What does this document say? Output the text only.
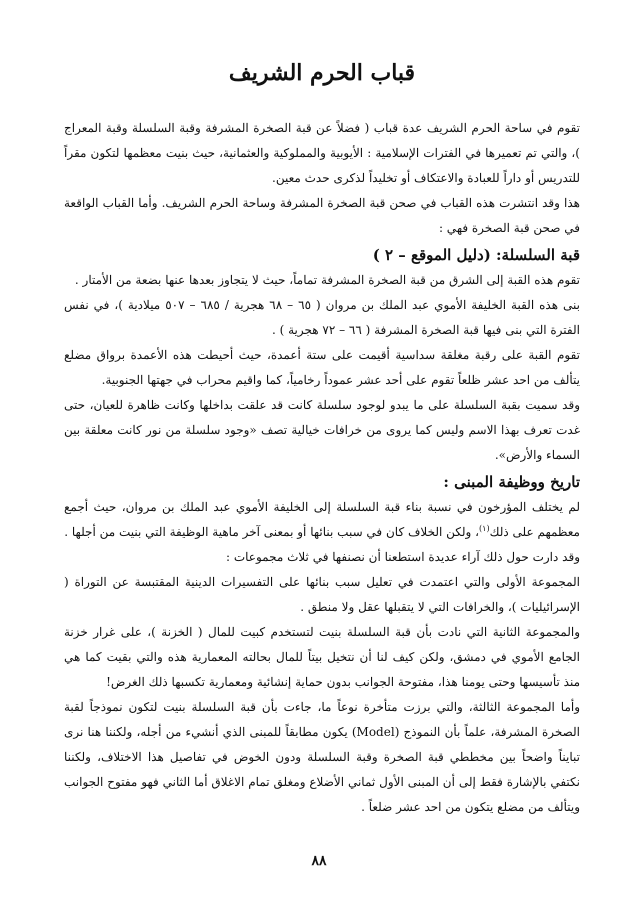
قباب الحرم الشريف

تقوم في ساحة الحرم الشريف عدة قباب ( فضلاً عن قبة الصخرة المشرفة وقبة السلسلة وقبة المعراج )، والتي تم تعميرها في الفترات الإسلامية : الأيوبية والمملوكية والعثمانية، حيث بنيت معظمها لتكون مقراً للتدريس أو داراً للعبادة والاعتكاف أو تخليداً لذكرى حدث معين.

هذا وقد انتشرت هذه القباب في صحن قبة الصخرة المشرفة وساحة الحرم الشريف. وأما القباب الواقعة في صحن قبة الصخرة فهي :

قبة السلسلة: (دليل الموقع – ٢ )

تقوم هذه القبة إلى الشرق من قبة الصخرة المشرفة تماماً، حيث لا يتجاوز بعدها عنها بضعة من الأمتار .

بنى هذه القبة الخليفة الأموي عبد الملك بن مروان ( ٦٥ – ٦٨ هجرية / ٦٨٥ – ٥٠٧ ميلادية )، في نفس الفترة التي بنى فيها قبة الصخرة المشرفة ( ٦٦ – ٧٢ هجرية ) .

تقوم القبة على رقبة مغلقة سداسية أقيمت على ستة أعمدة، حيث أحيطت هذه الأعمدة برواق مضلع يتألف من احد عشر ظلعاً تقوم على أحد عشر عموداً رخامياً، كما واقيم محراب في جهتها الجنوبية.

وقد سميت بقبة السلسلة على ما يبدو لوجود سلسلة كانت قد علقت بداخلها وكانت ظاهرة للعيان، حتى غدت تعرف بهذا الاسم وليس كما يروى من خرافات خيالية تصف «وجود سلسلة من نور كانت معلقة بين السماء والأرض».

تاريخ ووظيفة المبنى :

لم يختلف المؤرخون في نسبة بناء قبة السلسلة إلى الخليفة الأموي عبد الملك بن مروان، حيث أجمع معظمهم على ذلك$^{(١)}$، ولكن الخلاف كان في سبب بنائها أو بمعنى آخر ماهية الوظيفة التي بنيت من أجلها .

وقد دارت حول ذلك آراء عديدة استطعنا أن نصنفها في ثلاث مجموعات :

المجموعة الأولى والتي اعتمدت في تعليل سبب بنائها على التفسيرات الدينية المقتبسة عن التوراة ( الإسرائيليات )، والخرافات التي لا يتقبلها عقل ولا منطق .

والمجموعة الثانية التي نادت بأن قبة السلسلة بنيت لتستخدم كبيت للمال ( الخزنة )، على غرار خزنة الجامع الأموي في دمشق، ولكن كيف لنا أن نتخيل بيتاً للمال بحالته المعمارية هذه والتي بقيت كما هي منذ تأسيسها وحتى يومنا هذا، مفتوحة الجوانب بدون حماية إنشائية ومعمارية تكسبها ذلك الغرض!

وأما المجموعة الثالثة، والتي برزت متأخرة نوعاً ما، جاءت بأن قبة السلسلة بنيت لتكون نموذجاً لقبة الصخرة المشرفة، علماً بأن النموذج (Model) يكون مطابقاً للمبنى الذي أنشيء من أجله، ولكننا هنا نرى تبايناً واضحاً بين مخططي قبة الصخرة وقبة السلسلة ودون الخوض في تفاصيل هذا الاختلاف، ولكننا نكتفي بالإشارة فقط إلى أن المبنى الأول ثماني الأضلاع ومغلق تمام الاغلاق أما الثاني فهو مفتوح الجوانب ويتألف من مضلع يتكون من احد عشر ضلعاً .

٨٨
